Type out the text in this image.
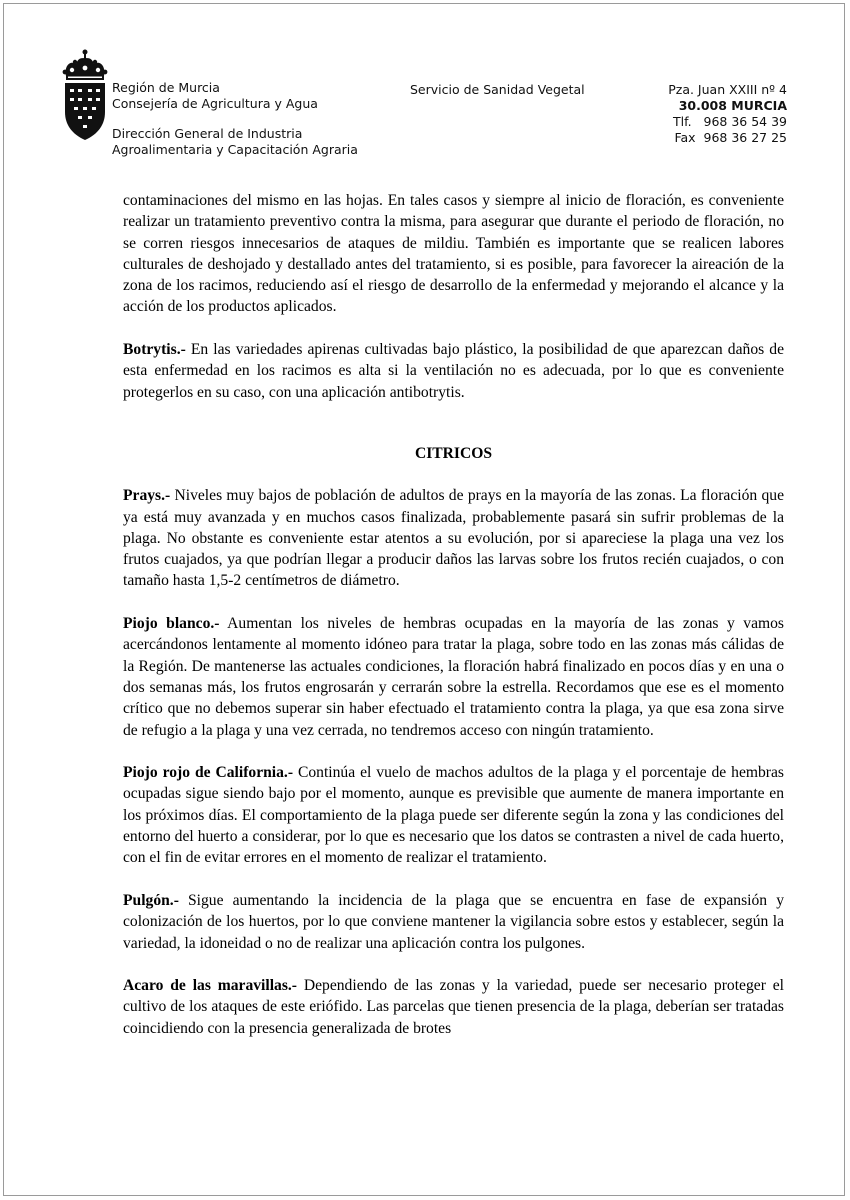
Región de Murcia
Consejería de Agricultura y Agua
Dirección General de Industria
Agroalimentaria y Capacitación Agraria
Servicio de Sanidad Vegetal	Pza. Juan XXIII nº 4
30.008 MURCIA
Tlf.   968 36 54 39
Fax  968 36 27 25

contaminaciones del mismo en las hojas. En tales casos y siempre al inicio de floración, es conveniente realizar un tratamiento preventivo contra la misma, para asegurar que durante el periodo de floración, no se corren riesgos innecesarios de ataques de mildiu. También es importante que se realicen labores culturales de deshojado y destallado antes del tratamiento, si es posible, para favorecer la aireación de la zona de los racimos, reduciendo así el riesgo de desarrollo de la enfermedad y mejorando el alcance y la acción de los productos aplicados.

Botrytis.- En las variedades apirenas cultivadas bajo plástico, la posibilidad de que aparezcan daños de esta enfermedad en los racimos es alta si la ventilación no es adecuada, por lo que es conveniente protegerlos en su caso, con una aplicación antibotrytis.

CITRICOS

Prays.- Niveles muy bajos de población de adultos de prays en la mayoría de las zonas. La floración que ya está muy avanzada y en muchos casos finalizada, probablemente pasará sin sufrir problemas de la plaga. No obstante es conveniente estar atentos a su evolución, por si apareciese la plaga una vez los frutos cuajados, ya que podrían llegar a producir daños las larvas sobre los frutos recién cuajados, o con tamaño hasta 1,5-2 centímetros de diámetro.

Piojo blanco.- Aumentan los niveles de hembras ocupadas en la mayoría de las zonas y vamos acercándonos lentamente al momento idóneo para tratar la plaga, sobre todo en las zonas más cálidas de la Región. De mantenerse las actuales condiciones, la floración habrá finalizado en pocos días y en una o dos semanas más, los frutos engrosarán y cerrarán sobre la estrella. Recordamos que ese es el momento crítico que no debemos superar sin haber efectuado el tratamiento contra la plaga, ya que esa zona sirve de refugio a la plaga y una vez cerrada, no tendremos acceso con ningún tratamiento.

Piojo rojo de California.- Continúa el vuelo de machos adultos de la plaga y el porcentaje de hembras ocupadas sigue siendo bajo por el momento, aunque es previsible que aumente de manera importante en los próximos días. El comportamiento de la plaga puede ser diferente según la zona y las condiciones del entorno del huerto a considerar, por lo que es necesario que los datos se contrasten a nivel de cada huerto, con el fin de evitar errores en el momento de realizar el tratamiento.

Pulgón.- Sigue aumentando la incidencia de la plaga que se encuentra en fase de expansión y colonización de los huertos, por lo que conviene mantener la vigilancia sobre estos y establecer, según la variedad, la idoneidad o no de realizar una aplicación contra los pulgones.

Acaro de las maravillas.- Dependiendo de las zonas y la variedad, puede ser necesario proteger el cultivo de los ataques de este eriófido. Las parcelas que tienen presencia de la plaga, deberían ser tratadas coincidiendo con la presencia generalizada de brotes
